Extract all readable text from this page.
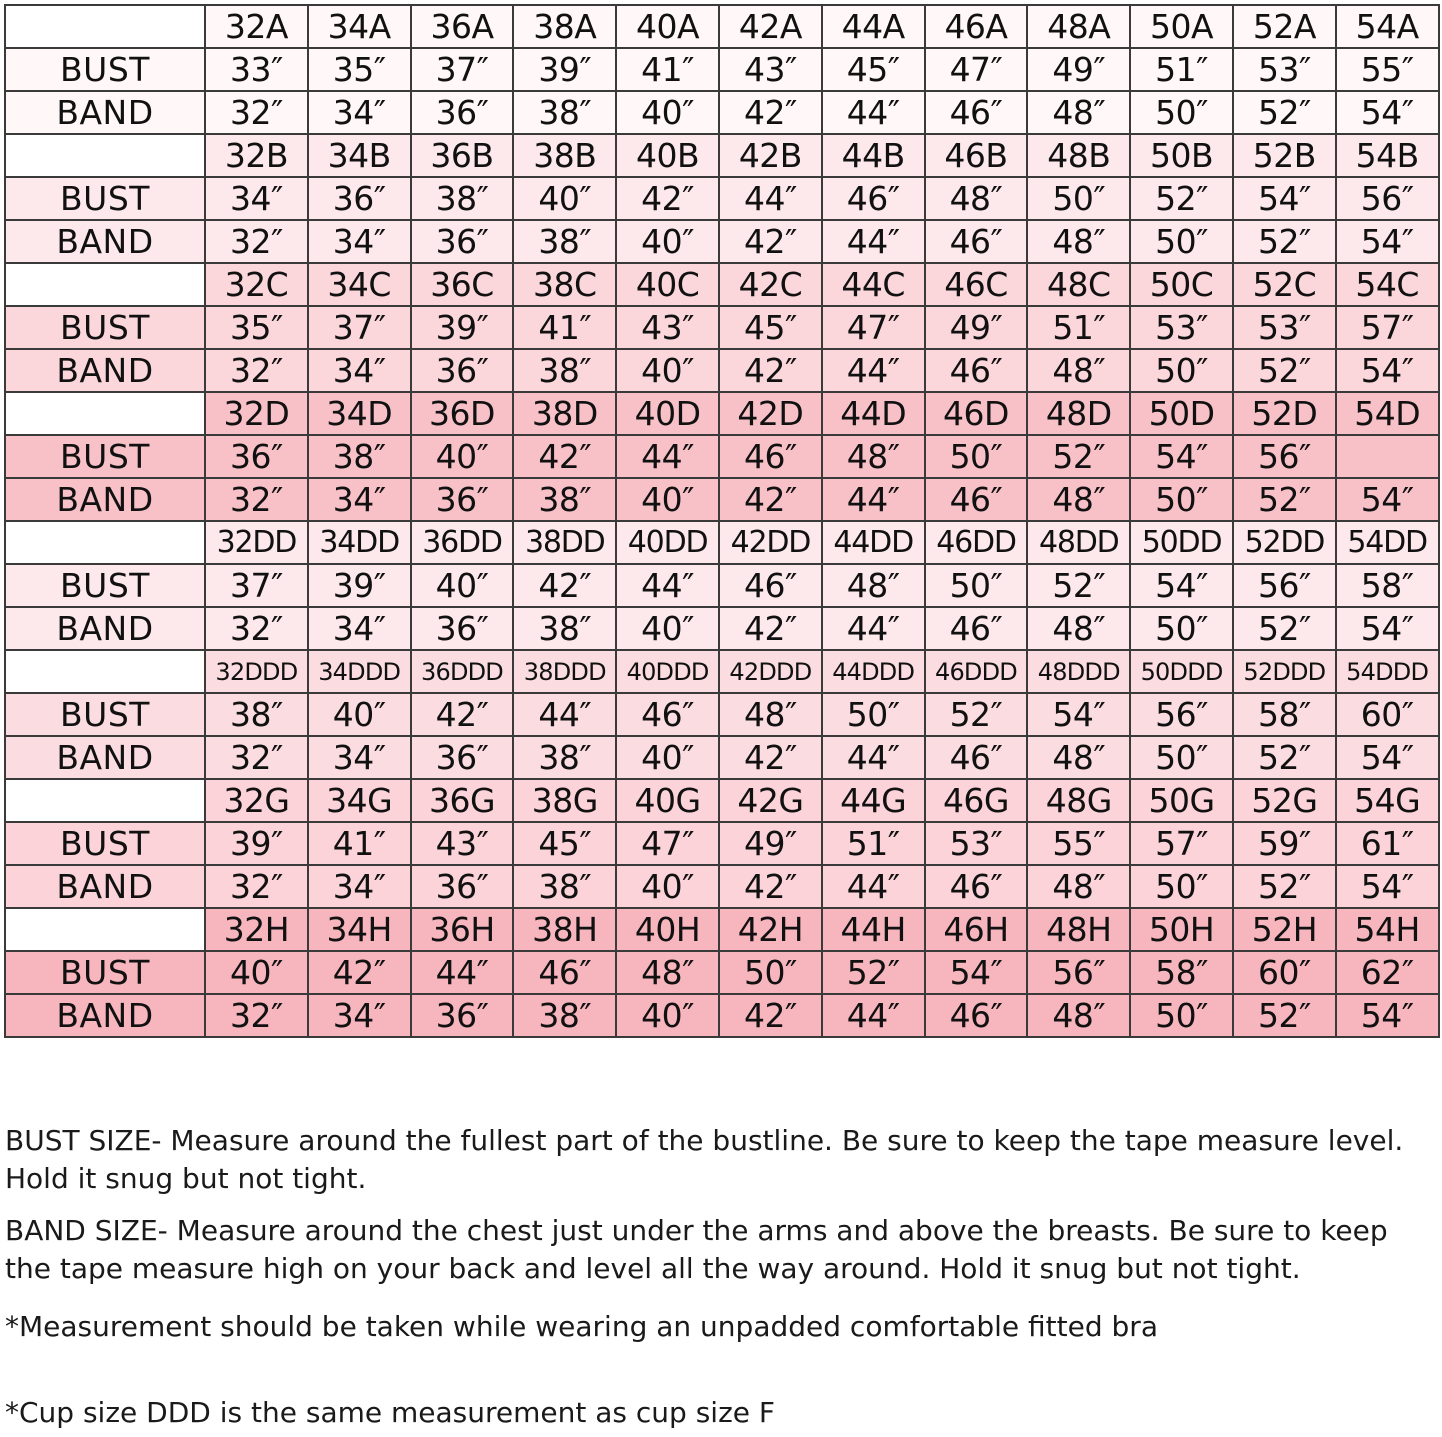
	32A	34A	36A	38A	40A	42A	44A	46A	48A	50A	52A	54A
BUST	33″	35″	37″	39″	41″	43″	45″	47″	49″	51″	53″	55″
BAND	32″	34″	36″	38″	40″	42″	44″	46″	48″	50″	52″	54″
	32B	34B	36B	38B	40B	42B	44B	46B	48B	50B	52B	54B
BUST	34″	36″	38″	40″	42″	44″	46″	48″	50″	52″	54″	56″
BAND	32″	34″	36″	38″	40″	42″	44″	46″	48″	50″	52″	54″
	32C	34C	36C	38C	40C	42C	44C	46C	48C	50C	52C	54C
BUST	35″	37″	39″	41″	43″	45″	47″	49″	51″	53″	53″	57″
BAND	32″	34″	36″	38″	40″	42″	44″	46″	48″	50″	52″	54″
	32D	34D	36D	38D	40D	42D	44D	46D	48D	50D	52D	54D
BUST	36″	38″	40″	42″	44″	46″	48″	50″	52″	54″	56″	
BAND	32″	34″	36″	38″	40″	42″	44″	46″	48″	50″	52″	54″
	32DD	34DD	36DD	38DD	40DD	42DD	44DD	46DD	48DD	50DD	52DD	54DD
BUST	37″	39″	40″	42″	44″	46″	48″	50″	52″	54″	56″	58″
BAND	32″	34″	36″	38″	40″	42″	44″	46″	48″	50″	52″	54″
	32DDD	34DDD	36DDD	38DDD	40DDD	42DDD	44DDD	46DDD	48DDD	50DDD	52DDD	54DDD
BUST	38″	40″	42″	44″	46″	48″	50″	52″	54″	56″	58″	60″
BAND	32″	34″	36″	38″	40″	42″	44″	46″	48″	50″	52″	54″
	32G	34G	36G	38G	40G	42G	44G	46G	48G	50G	52G	54G
BUST	39″	41″	43″	45″	47″	49″	51″	53″	55″	57″	59″	61″
BAND	32″	34″	36″	38″	40″	42″	44″	46″	48″	50″	52″	54″
	32H	34H	36H	38H	40H	42H	44H	46H	48H	50H	52H	54H
BUST	40″	42″	44″	46″	48″	50″	52″	54″	56″	58″	60″	62″
BAND	32″	34″	36″	38″	40″	42″	44″	46″	48″	50″	52″	54″

BUST SIZE- Measure around the fullest part of the bustline. Be sure to keep the tape measure level. Hold it snug but not tight.

BAND SIZE- Measure around the chest just under the arms and above the breasts. Be sure to keep the tape measure high on your back and level all the way around. Hold it snug but not tight.

*Measurement should be taken while wearing an unpadded comfortable fitted bra

*Cup size DDD is the same measurement as cup size F
